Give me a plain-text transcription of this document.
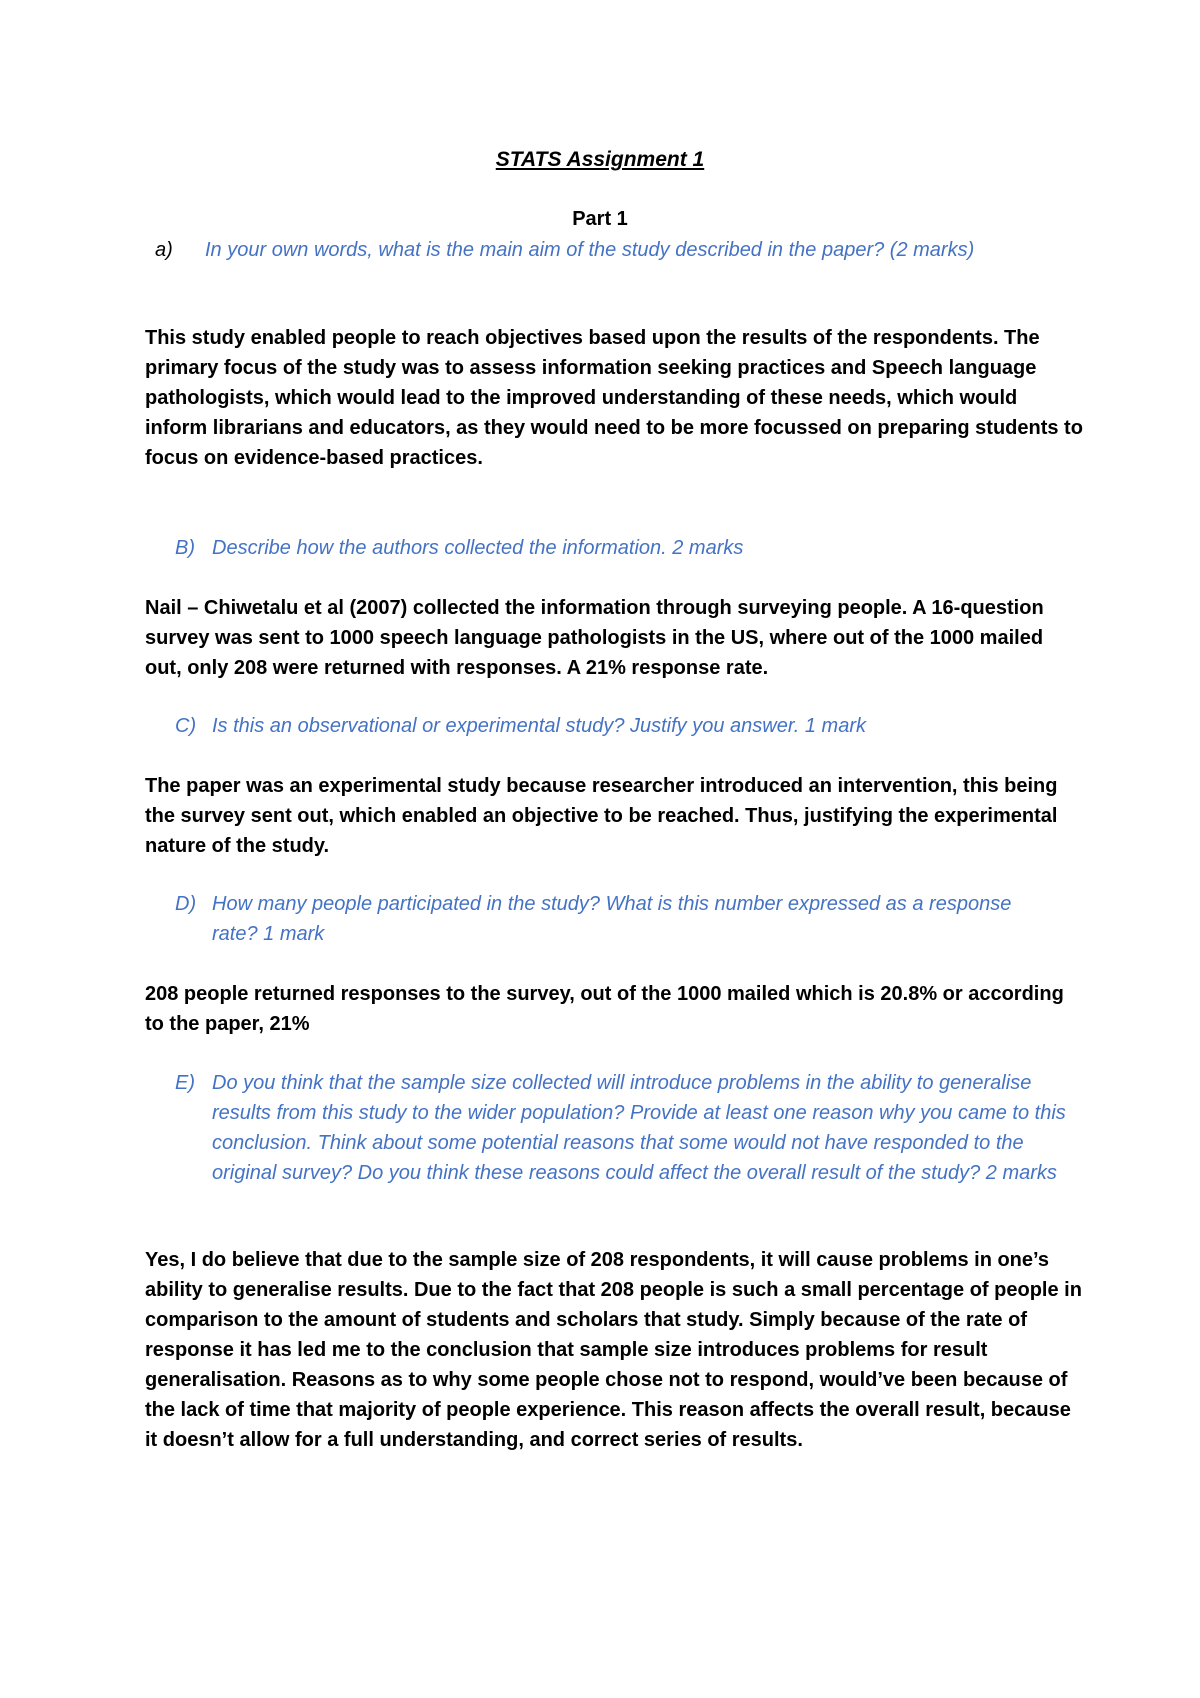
STATS Assignment 1
Part 1
a) In your own words, what is the main aim of the study described in the paper? (2 marks)
This study enabled people to reach objectives based upon the results of the respondents. The primary focus of the study was to assess information seeking practices and Speech language pathologists, which would lead to the improved understanding of these needs, which would inform librarians and educators, as they would need to be more focussed on preparing students to focus on evidence-based practices.
B) Describe how the authors collected the information. 2 marks
Nail – Chiwetalu et al (2007) collected the information through surveying people. A 16-question survey was sent to 1000 speech language pathologists in the US, where out of the 1000 mailed out, only 208 were returned with responses. A 21% response rate.
C) Is this an observational or experimental study? Justify you answer. 1 mark
The paper was an experimental study because researcher introduced an intervention, this being the survey sent out, which enabled an objective to be reached. Thus, justifying the experimental nature of the study.
D) How many people participated in the study? What is this number expressed as a response rate? 1 mark
208 people returned responses to the survey, out of the 1000 mailed which is 20.8% or according to the paper, 21%
E) Do you think that the sample size collected will introduce problems in the ability to generalise results from this study to the wider population? Provide at least one reason why you came to this conclusion. Think about some potential reasons that some would not have responded to the original survey? Do you think these reasons could affect the overall result of the study? 2 marks
Yes, I do believe that due to the sample size of 208 respondents, it will cause problems in one’s ability to generalise results. Due to the fact that 208 people is such a small percentage of people in comparison to the amount of students and scholars that study. Simply because of the rate of response it has led me to the conclusion that sample size introduces problems for result generalisation. Reasons as to why some people chose not to respond, would’ve been because of the lack of time that majority of people experience. This reason affects the overall result, because it doesn’t allow for a full understanding, and correct series of results.
